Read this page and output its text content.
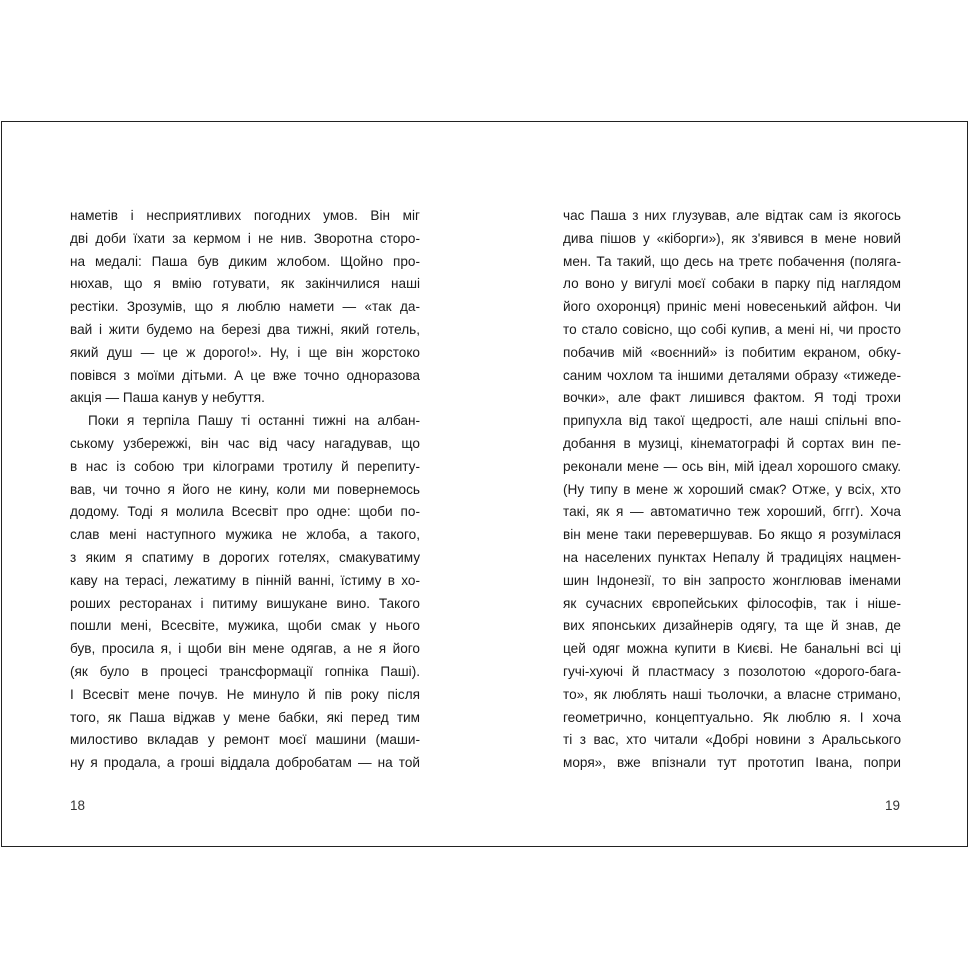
наметів і несприятливих погодних умов. Він міг
дві доби їхати за кермом і не нив. Зворотна сторо-
на медалі: Паша був диким жлобом. Щойно про-
нюхав, що я вмію готувати, як закінчилися наші
рестіки. Зрозумів, що я люблю намети — «так да-
вай і жити будемо на березі два тижні, який готель,
який душ — це ж дорого!». Ну, і ще він жорстоко
повівся з моїми дітьми. А це вже точно одноразова
акція — Паша канув у небуття.
Поки я терпіла Пашу ті останні тижні на албан-
ському узбережжі, він час від часу нагадував, що
в нас із собою три кілограми тротилу й перепиту-
вав, чи точно я його не кину, коли ми повернемось
додому. Тоді я молила Всесвіт про одне: щоби по-
слав мені наступного мужика не жлоба, а такого,
з яким я спатиму в дорогих готелях, смакуватиму
каву на терасі, лежатиму в пінній ванні, їстиму в хо-
роших ресторанах і питиму вишукане вино. Такого
пошли мені, Всесвіте, мужика, щоби смак у нього
був, просила я, і щоби він мене одягав, а не я його
(як було в процесі трансформації гопніка Паші).
І Всесвіт мене почув. Не минуло й пів року після
того, як Паша віджав у мене бабки, які перед тим
милостиво вкладав у ремонт моєї машини (маши-
ну я продала, а гроші віддала добробатам — на той
час Паша з них глузував, але відтак сам із якогось
дива пішов у «кіборги»), як з'явився в мене новий
мен. Та такий, що десь на третє побачення (поляга-
ло воно у вигулі моєї собаки в парку під наглядом
його охоронця) приніс мені новесенький айфон. Чи
то стало совісно, що собі купив, а мені ні, чи просто
побачив мій «воєнний» із побитим екраном, обку-
саним чохлом та іншими деталями образу «тижеде-
вочки», але факт лишився фактом. Я тоді трохи
припухла від такої щедрості, але наші спільні впо-
добання в музиці, кінематографі й сортах вин пе-
реконали мене — ось він, мій ідеал хорошого смаку.
(Ну типу в мене ж хороший смак? Отже, у всіх, хто
такі, як я — автоматично теж хороший, бггг). Хоча
він мене таки перевершував. Бо якщо я розумілася
на населених пунктах Непалу й традиціях нацмен-
шин Індонезії, то він запросто жонглював іменами
як сучасних європейських філософів, так і нішe-
вих японських дизайнерів одягу, та ще й знав, де
цей одяг можна купити в Києві. Не банальні всі ці
гучі-хуючі й пластмасу з позолотою «дорого-бага-
то», як люблять наші тьолочки, а власне стримано,
геометрично, концептуально. Як люблю я. І хоча
ті з вас, хто читали «Добрі новини з Аральського
моря», вже впізнали тут прототип Івана, попри
18	19
